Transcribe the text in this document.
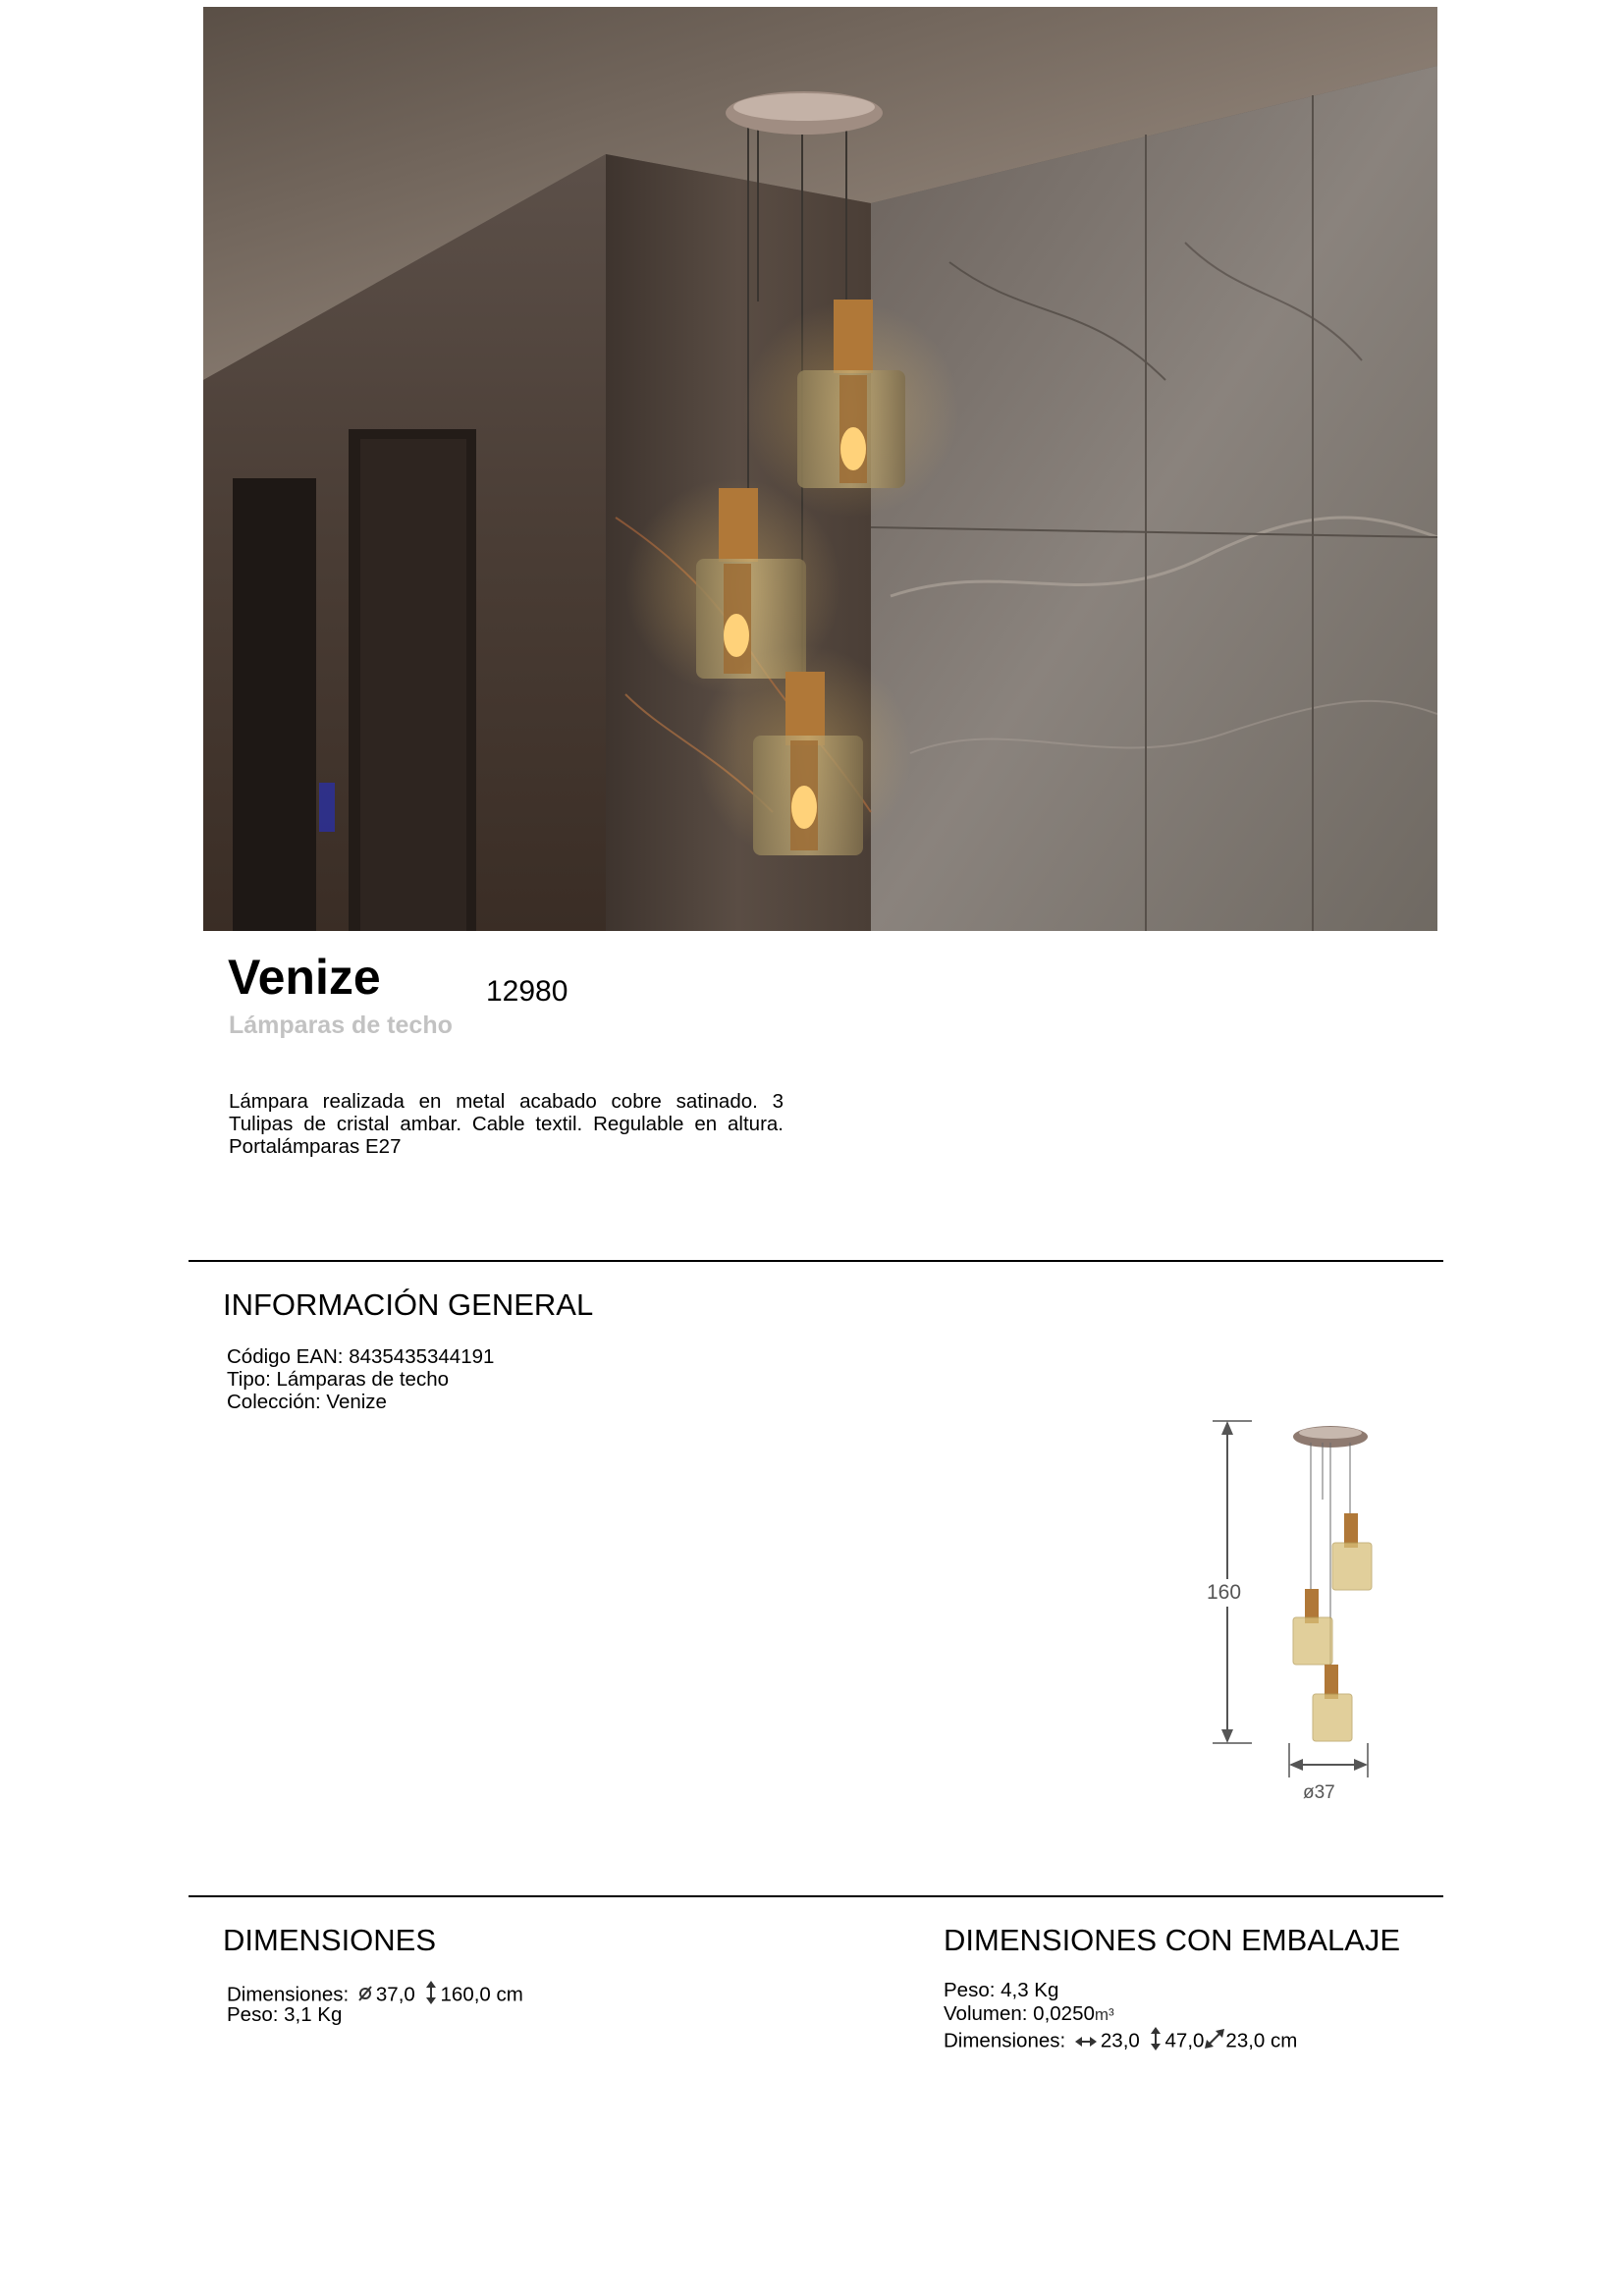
Venize	12980
Lámparas de techo
Lámpara realizada en metal acabado cobre satinado. 3 Tulipas de cristal ambar. Cable textil. Regulable en altura. Portalámparas E27
INFORMACIÓN GENERAL
Código EAN: 8435435344191
Tipo: Lámparas de techo
Colección: Venize
160
ø37
DIMENSIONES
Dimensiones: 37,0 160,0 cm
Peso: 3,1 Kg
DIMENSIONES CON EMBALAJE
Peso: 4,3 Kg
Volumen: 0,0250m³
Dimensiones: 23,0 47,0 23,0 cm
